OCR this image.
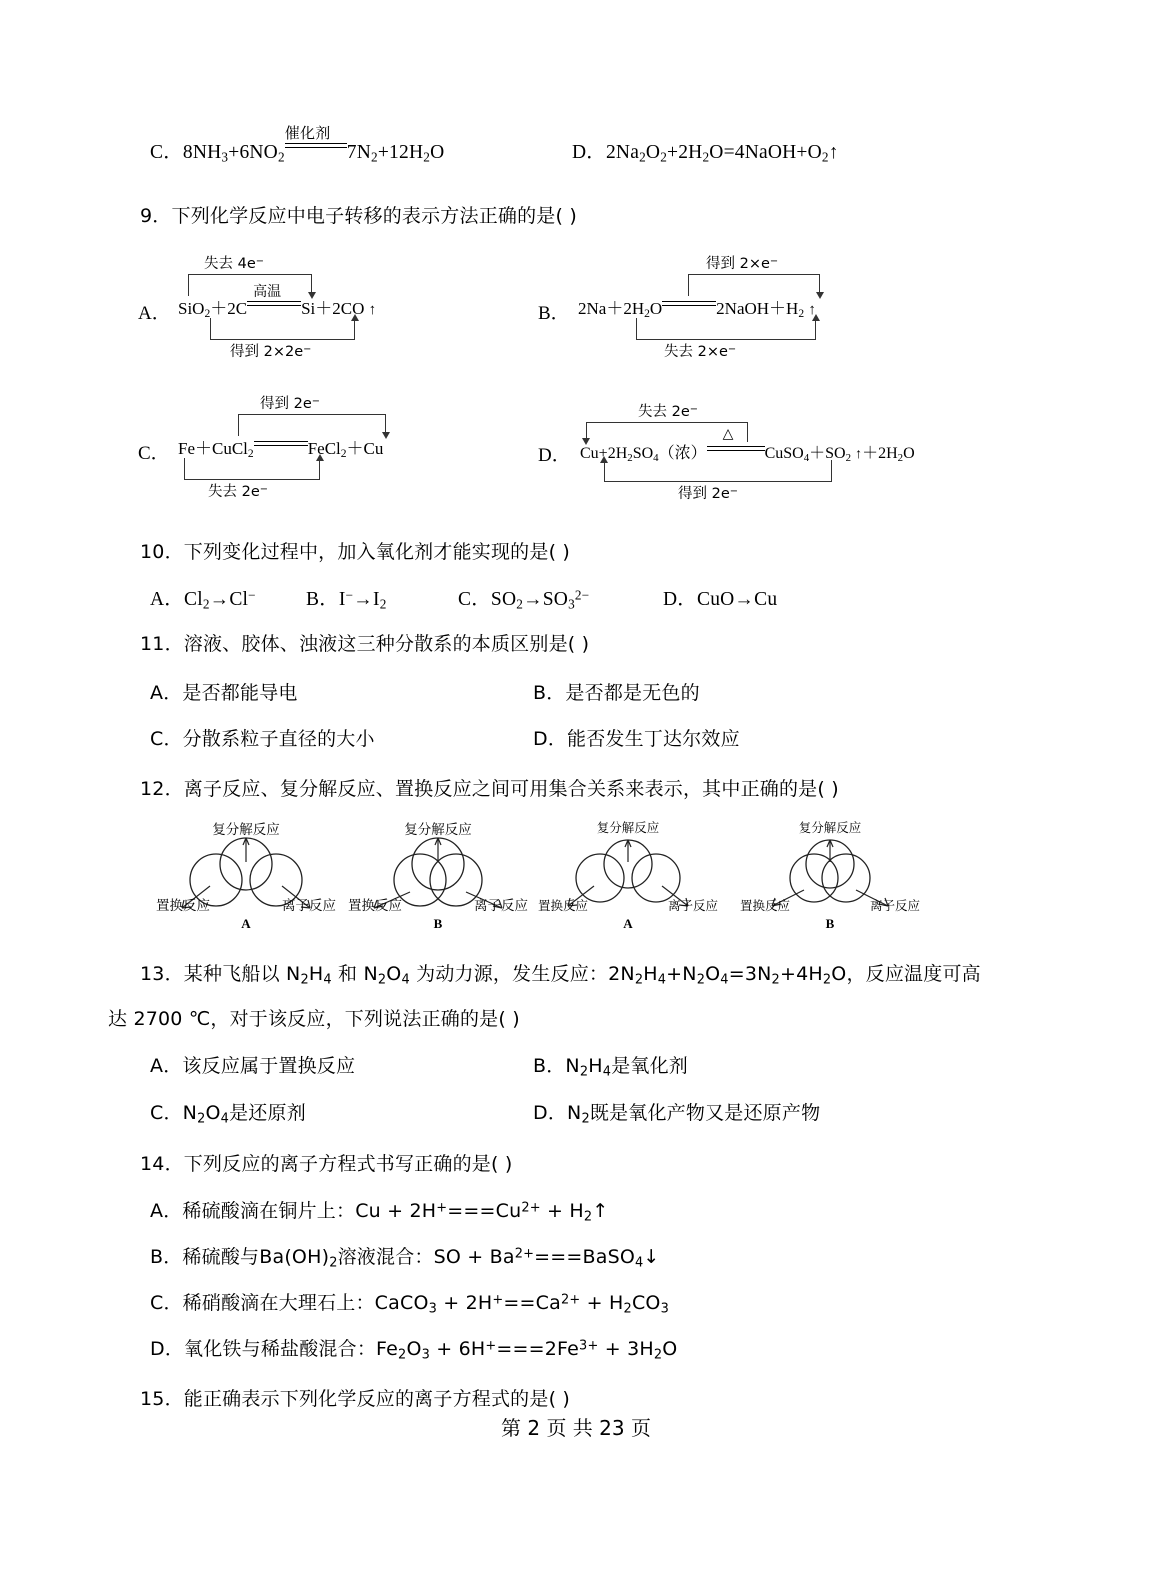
C．$8NH_3+6NO_2$
催化剂
$7N_2+12H_2O$	D．$2Na_2O_2+2H_2O=4NaOH+O_2↑$
9．下列化学反应中电子转移的表示方法正确的是( )
A．
失去 4e−
SiO$_2$＋2C
高温
Si＋2CO ↑
得到 2×2e−
B．
得到 2×e−
$2Na+2H_2O$	$2NaOH+H_2$ ↑
失去 2×e−
C．
得到 2e−
Fe＋CuCl$_2$	FeCl$_2$＋Cu
失去 2e−
D．
失去 2e−
$Cu+2H_2SO_4$（浓）
△
$CuSO_4+SO_2$ $↑+2H_2O$
得到 2e−
10．下列变化过程中，加入氧化剂才能实现的是( )
A．$Cl_2\to Cl^-$	B．$I^-\to I_2$	C．$SO_2\to SO_3^{2-}$	D．CuO→Cu
11．溶液、胶体、浊液这三种分散系的本质区别是( )
A．是否都能导电	B．是否都是无色的
C．分散系粒子直径的大小	D．能否发生丁达尔效应
12．离子反应、复分解反应、置换反应之间可用集合关系来表示，其中正确的是( )
复分解反应
置换反应	离子反应
A
复分解反应
置换反应	离子反应
B
复分解反应
置换反应	离子反应
A
复分解反应
置换反应	离子反应
B
13．某种飞船以 $N_2H_4$ 和 $N_2O_4$ 为动力源，发生反应：$2N_2H_4+N_2O_4=3N_2+4H_2O$，反应温度可高
达 2700 ℃，对于该反应，下列说法正确的是( )
A．该反应属于置换反应	B．$N_2H_4$是氧化剂
C．$N_2O_4$是还原剂	D．$N_2$既是氧化产物又是还原产物
14．下列反应的离子方程式书写正确的是( )
A．稀硫酸滴在铜片上：$Cu + 2H^+===Cu^{2+}$ + $H_2↑$
B．稀硫酸与$Ba(OH)_2$溶液混合：SO + $Ba^{2+}===BaSO_4↓$
C．稀硝酸滴在大理石上：CaCO$_3$ + $2H^+==Ca^{2+} + H_2CO_3$
D．氧化铁与稀盐酸混合：$Fe_2O_3 + 6H^+===2Fe^{3+} + 3H_2O$
15．能正确表示下列化学反应的离子方程式的是( )
第 2 页 共 23 页
